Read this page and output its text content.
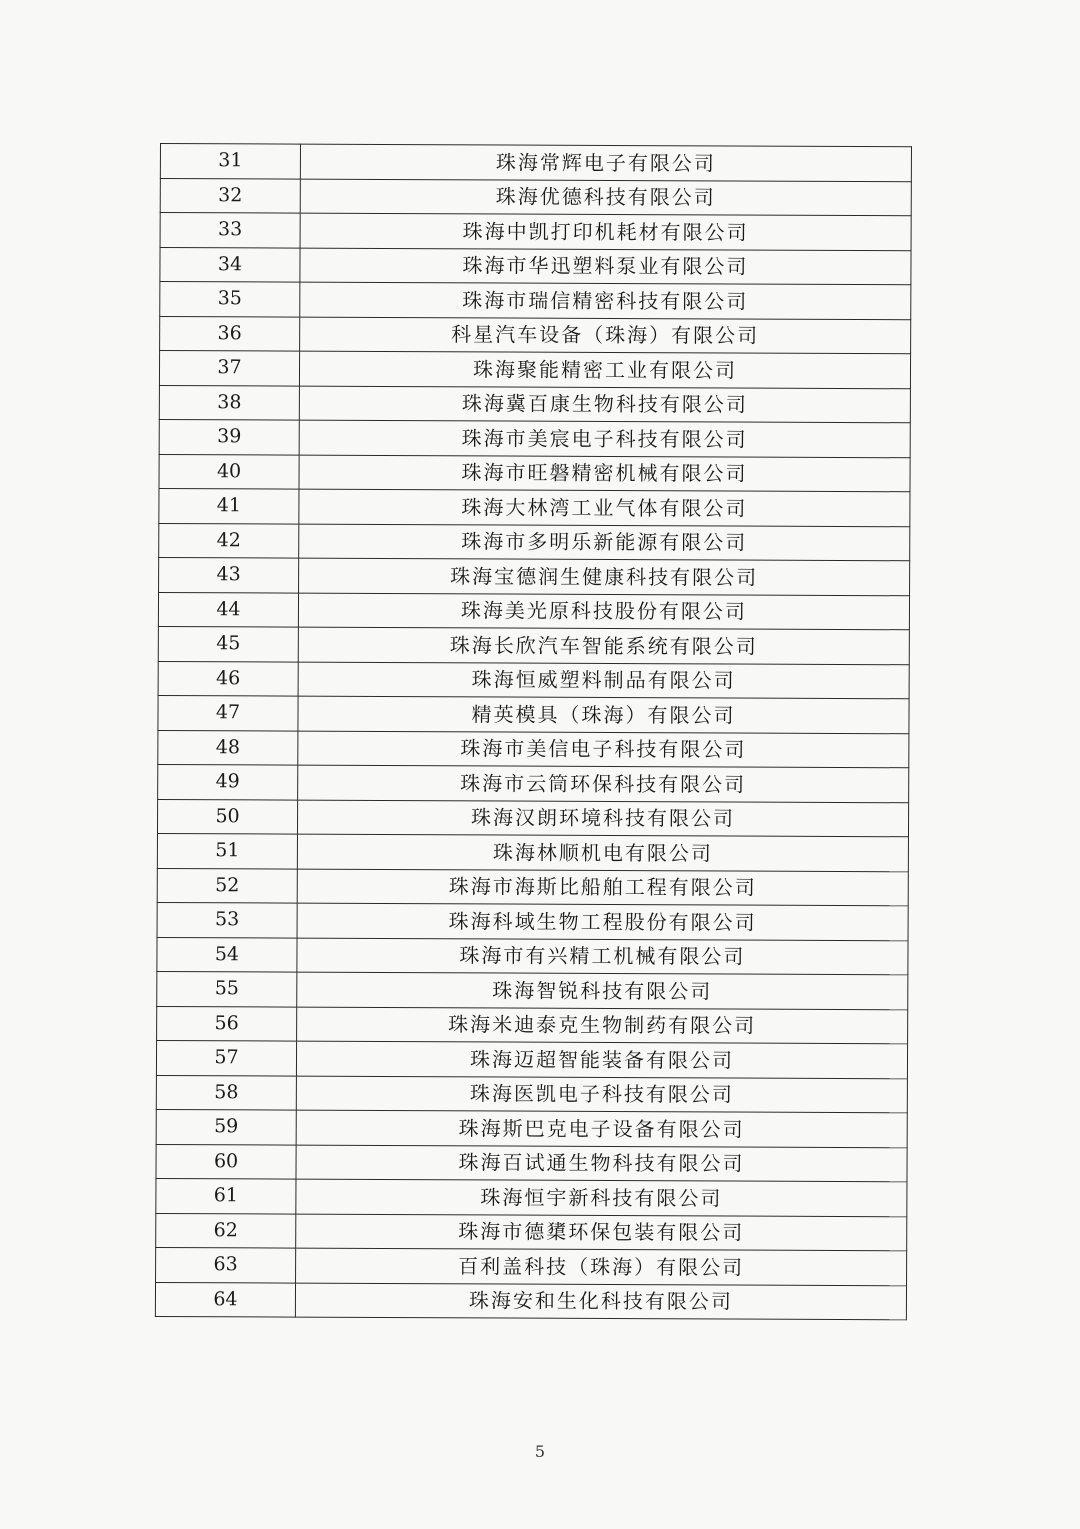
31	珠海常辉电子有限公司
32	珠海优德科技有限公司
33	珠海中凯打印机耗材有限公司
34	珠海市华迅塑料泵业有限公司
35	珠海市瑞信精密科技有限公司
36	科星汽车设备（珠海）有限公司
37	珠海聚能精密工业有限公司
38	珠海冀百康生物科技有限公司
39	珠海市美宸电子科技有限公司
40	珠海市旺磐精密机械有限公司
41	珠海大林湾工业气体有限公司
42	珠海市多明乐新能源有限公司
43	珠海宝德润生健康科技有限公司
44	珠海美光原科技股份有限公司
45	珠海长欣汽车智能系统有限公司
46	珠海恒威塑料制品有限公司
47	精英模具（珠海）有限公司
48	珠海市美信电子科技有限公司
49	珠海市云筒环保科技有限公司
50	珠海汉朗环境科技有限公司
51	珠海林顺机电有限公司
52	珠海市海斯比船舶工程有限公司
53	珠海科域生物工程股份有限公司
54	珠海市有兴精工机械有限公司
55	珠海智锐科技有限公司
56	珠海米迪泰克生物制药有限公司
57	珠海迈超智能装备有限公司
58	珠海医凯电子科技有限公司
59	珠海斯巴克电子设备有限公司
60	珠海百试通生物科技有限公司
61	珠海恒宇新科技有限公司
62	珠海市德橥环保包装有限公司
63	百利盖科技（珠海）有限公司
64	珠海安和生化科技有限公司
5
